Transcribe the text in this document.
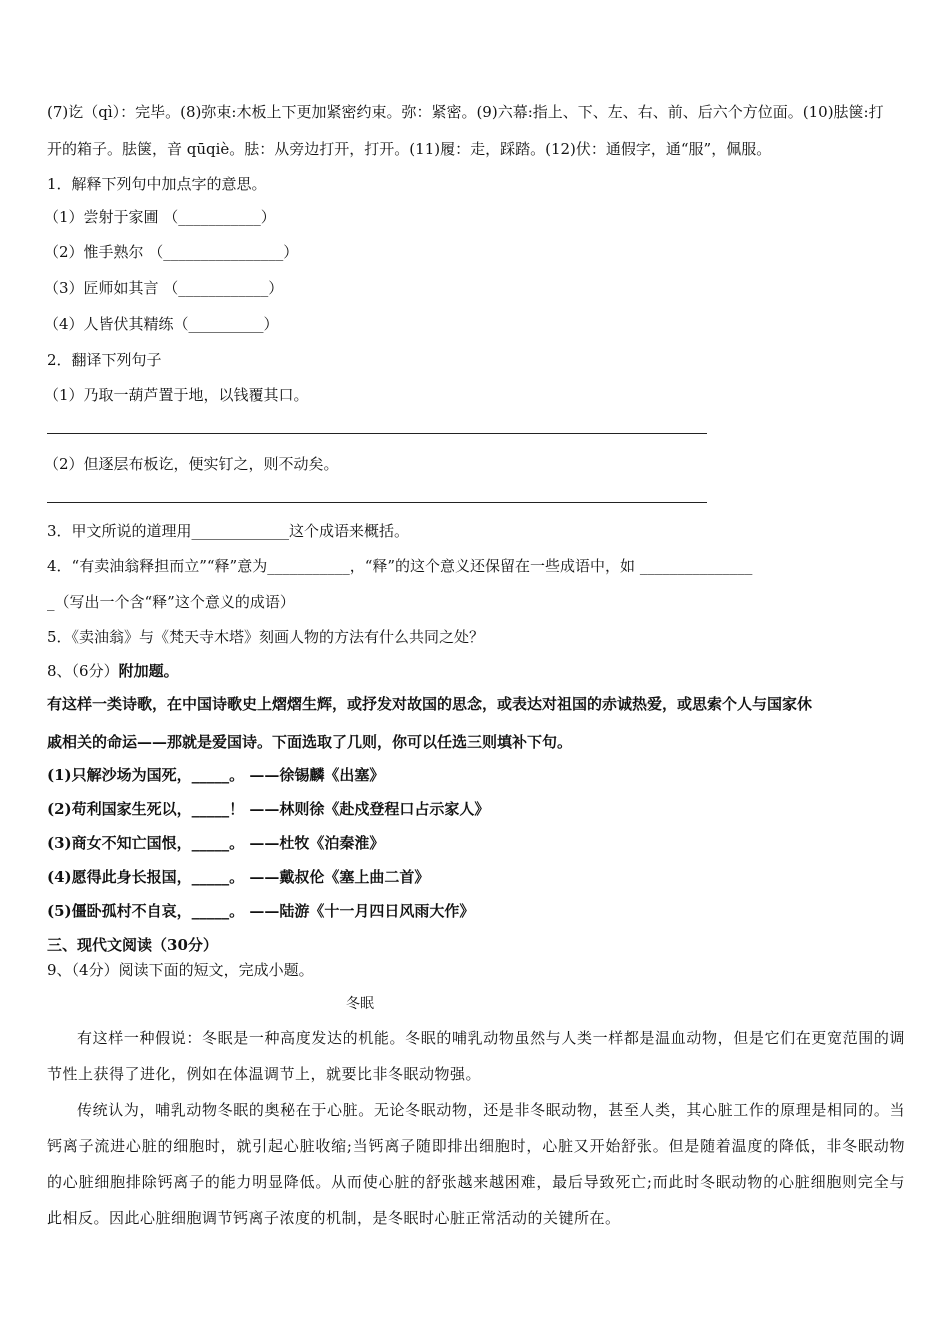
(7)讫（qì）：完毕。(8)弥束:木板上下更加紧密约束。弥：紧密。(9)六幕:指上、下、左、右、前、后六个方位面。(10)胠箧:打
开的箱子。胠箧，音 qūqiè。胠：从旁边打开，打开。(11)履：走，踩踏。(12)伏：通假字，通“服”，佩服。
1．解释下列句中加点字的意思。
（1）尝射于家圃 （___________）
（2）惟手熟尔 （________________）
（3）匠师如其言 （____________）
（4）人皆伏其精练（__________）
2．翻译下列句子
（1）乃取一葫芦置于地，以钱覆其口。
（2）但逐层布板讫，便实钉之，则不动矣。
3．甲文所说的道理用_____________这个成语来概括。
4．“有卖油翁释担而立”“释”意为___________，“释”的这个意义还保留在一些成语中，如 _______________
_（写出一个含“释”这个意义的成语）
5．《卖油翁》与《梵天寺木塔》刻画人物的方法有什么共同之处？
8、（6分）附加题。
有这样一类诗歌，在中国诗歌史上熠熠生辉，或抒发对故国的思念，或表达对祖国的赤诚热爱，或思索个人与国家休
戚相关的命运——那就是爱国诗。下面选取了几则，你可以任选三则填补下句。
(1)只解沙场为国死，_____。 ——徐锡麟《出塞》
(2)苟利国家生死以，_____！ ——林则徐《赴戍登程口占示家人》
(3)商女不知亡国恨，_____。 ——杜牧《泊秦淮》
(4)愿得此身长报国，_____。 ——戴叔伦《塞上曲二首》
(5)僵卧孤村不自哀，_____。 ——陆游《十一月四日风雨大作》
三、现代文阅读（30分）
9、（4分）阅读下面的短文，完成小题。
冬眠

有这样一种假说：冬眠是一种高度发达的机能。冬眠的哺乳动物虽然与人类一样都是温血动物，但是它们在更宽范围的调节性上获得了进化，例如在体温调节上，就要比非冬眠动物强。

传统认为，哺乳动物冬眠的奥秘在于心脏。无论冬眠动物，还是非冬眠动物，甚至人类，其心脏工作的原理是相同的。当钙离子流进心脏的细胞时，就引起心脏收缩;当钙离子随即排出细胞时，心脏又开始舒张。但是随着温度的降低，非冬眠动物的心脏细胞排除钙离子的能力明显降低。从而使心脏的舒张越来越困难，最后导致死亡;而此时冬眠动物的心脏细胞则完全与此相反。因此心脏细胞调节钙离子浓度的机制，是冬眠时心脏正常活动的关键所在。
